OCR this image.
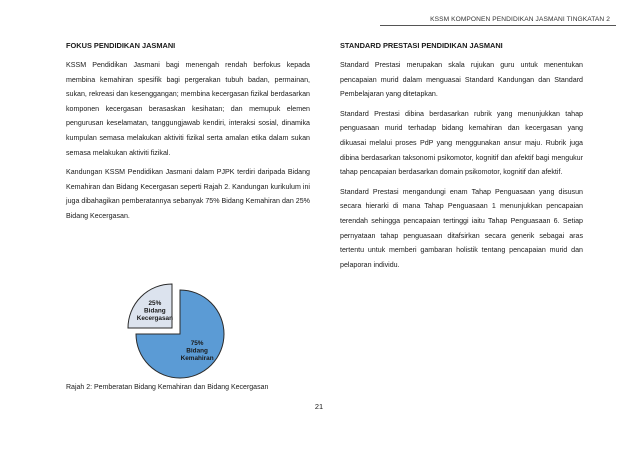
KSSM KOMPONEN PENDIDIKAN JASMANI TINGKATAN 2

FOKUS PENDIDIKAN JASMANI

KSSM Pendidikan Jasmani bagi menengah rendah berfokus kepada membina kemahiran spesifik bagi pergerakan tubuh badan, permainan, sukan, rekreasi dan kesenggangan; membina kecergasan fizikal berdasarkan komponen kecergasan berasaskan kesihatan; dan memupuk elemen pengurusan keselamatan, tanggungjawab kendiri, interaksi sosial, dinamika kumpulan semasa melakukan aktiviti fizikal serta amalan etika dalam sukan semasa melakukan aktiviti fizikal.

Kandungan KSSM Pendidikan Jasmani dalam PJPK terdiri daripada Bidang Kemahiran dan Bidang Kecergasan seperti Rajah 2. Kandungan kurikulum ini juga dibahagikan pemberatannya sebanyak 75% Bidang Kemahiran dan 25% Bidang Kecergasan.

75%
Bidang
Kemahiran
25%
Bidang
Kecergasan
Rajah 2: Pemberatan Bidang Kemahiran dan Bidang Kecergasan

STANDARD PRESTASI PENDIDIKAN JASMANI

Standard Prestasi merupakan skala rujukan guru untuk menentukan pencapaian murid dalam menguasai Standard Kandungan dan Standard Pembelajaran yang ditetapkan.

Standard Prestasi dibina berdasarkan rubrik yang menunjukkan tahap penguasaan murid terhadap bidang kemahiran dan kecergasan yang dikuasai melalui proses PdP yang menggunakan ansur maju. Rubrik juga dibina berdasarkan taksonomi psikomotor, kognitif dan afektif bagi mengukur tahap pencapaian berdasarkan domain psikomotor, kognitif dan afektif.

Standard Prestasi mengandungi enam Tahap Penguasaan yang disusun secara hierarki di mana Tahap Penguasaan 1 menunjukkan pencapaian terendah sehingga pencapaian tertinggi iaitu Tahap Penguasaan 6. Setiap pernyataan tahap penguasaan ditafsirkan secara generik sebagai aras tertentu untuk memberi gambaran holistik tentang pencapaian murid dan pelaporan individu.

21
